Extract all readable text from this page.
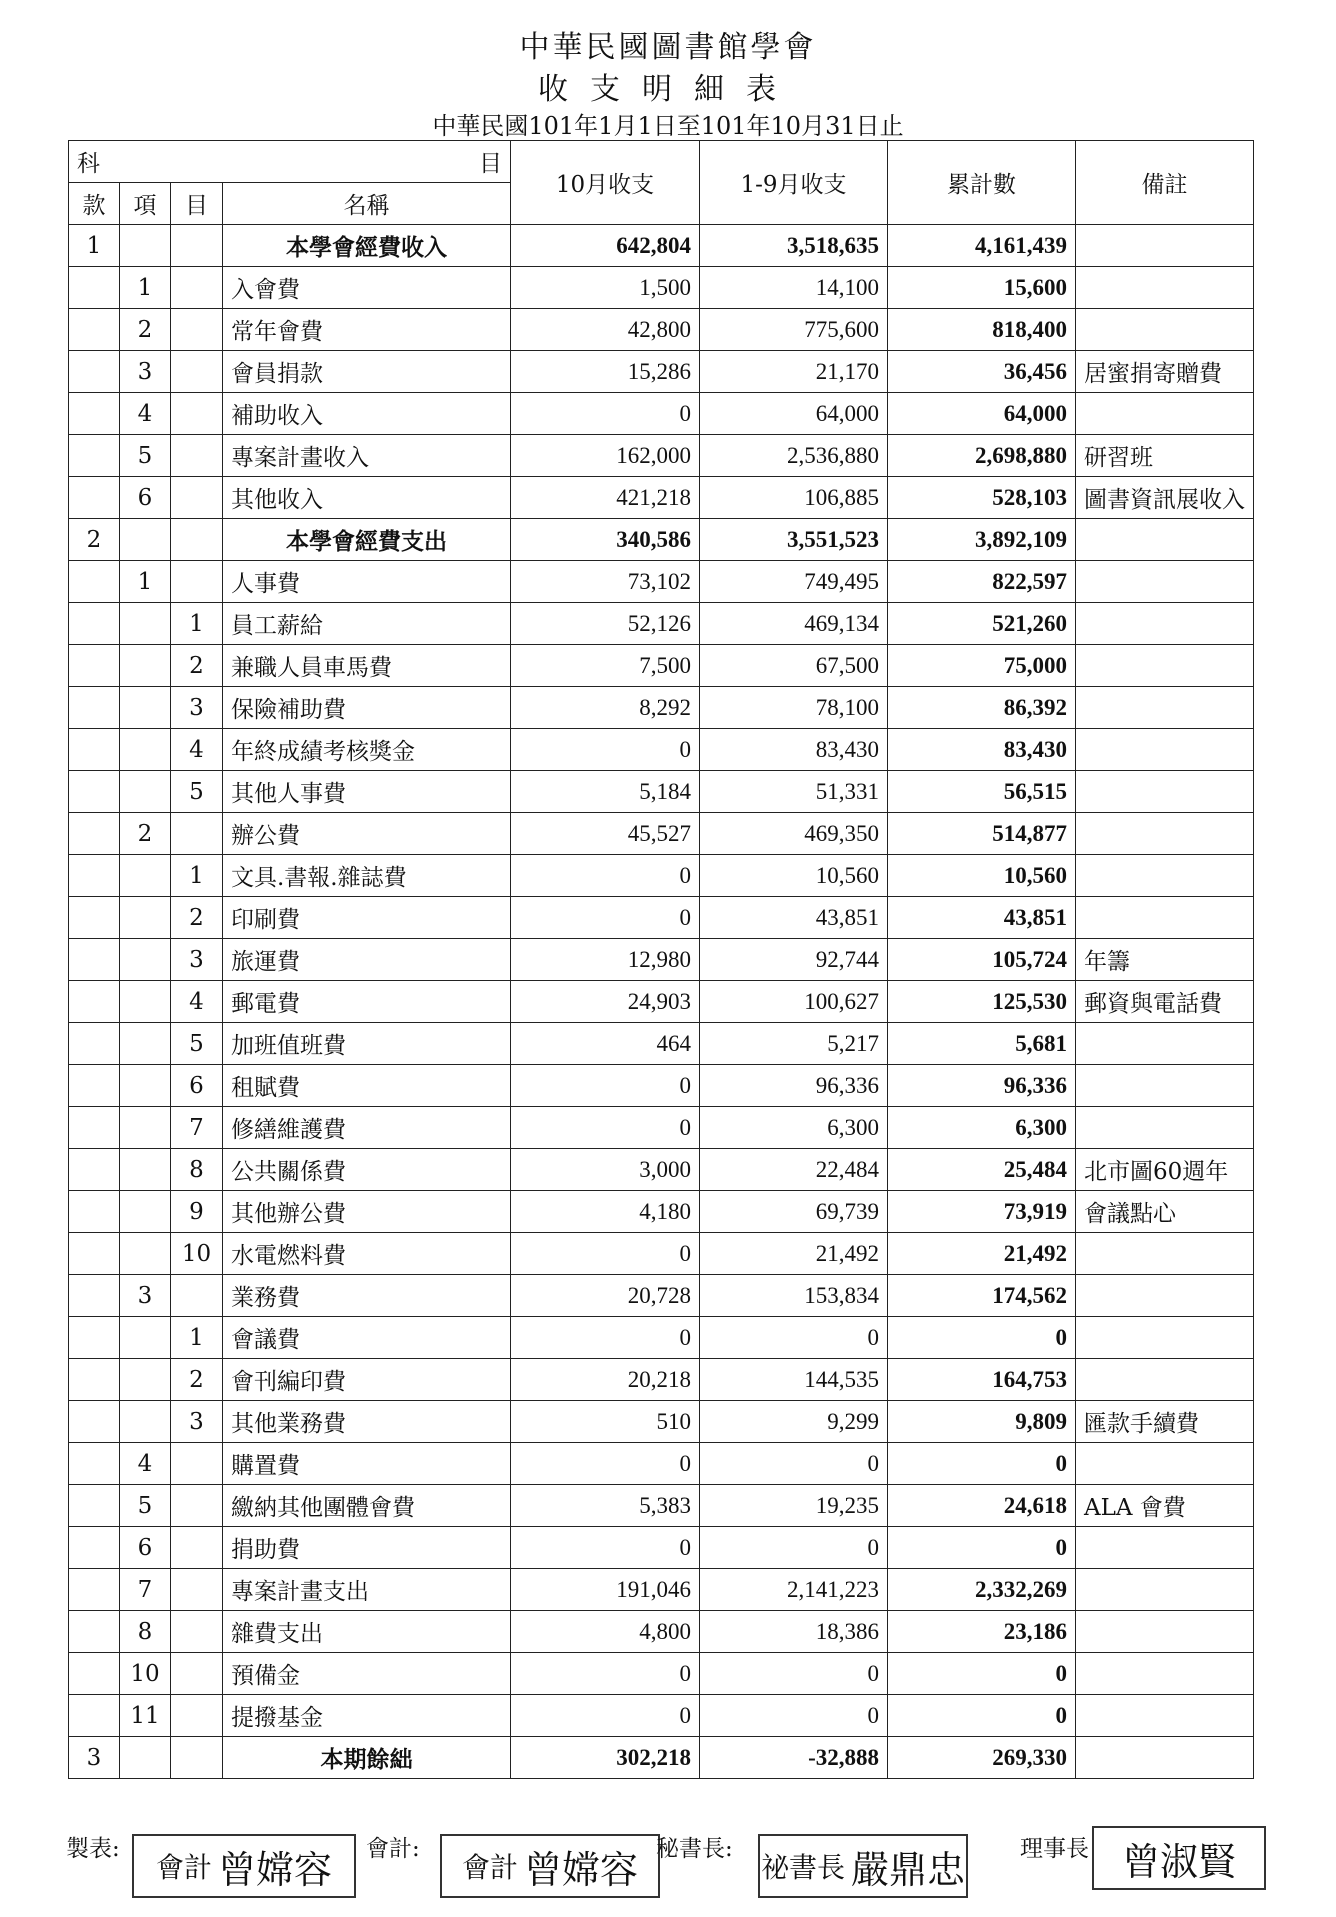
中華民國圖書館學會
收支明細表
中華民國101年1月1日至101年10月31日止
科 目				10月收支	1-9月收支	累計數	備註
款	項	目	名稱				
1			本學會經費收入	642,804	3,518,635	4,161,439	
	1		入會費	1,500	14,100	15,600	
	2		常年會費	42,800	775,600	818,400	
	3		會員捐款	15,286	21,170	36,456	居蜜捐寄贈費
	4		補助收入	0	64,000	64,000	
	5		專案計畫收入	162,000	2,536,880	2,698,880	研習班
	6		其他收入	421,218	106,885	528,103	圖書資訊展收入
2			本學會經費支出	340,586	3,551,523	3,892,109	
	1		人事費	73,102	749,495	822,597	
		1	員工薪給	52,126	469,134	521,260	
		2	兼職人員車馬費	7,500	67,500	75,000	
		3	保險補助費	8,292	78,100	86,392	
		4	年終成績考核獎金	0	83,430	83,430	
		5	其他人事費	5,184	51,331	56,515	
	2		辦公費	45,527	469,350	514,877	
		1	文具.書報.雜誌費	0	10,560	10,560	
		2	印刷費	0	43,851	43,851	
		3	旅運費	12,980	92,744	105,724	年籌
		4	郵電費	24,903	100,627	125,530	郵資與電話費
		5	加班值班費	464	5,217	5,681	
		6	租賦費	0	96,336	96,336	
		7	修繕維護費	0	6,300	6,300	
		8	公共關係費	3,000	22,484	25,484	北市圖60週年
		9	其他辦公費	4,180	69,739	73,919	會議點心
		10	水電燃料費	0	21,492	21,492	
	3		業務費	20,728	153,834	174,562	
		1	會議費	0	0	0	
		2	會刊編印費	20,218	144,535	164,753	
		3	其他業務費	510	9,299	9,809	匯款手續費
	4		購置費	0	0	0	
	5		繳納其他團體會費	5,383	19,235	24,618	ALA 會費
	6		捐助費	0	0	0	
	7		專案計畫支出	191,046	2,141,223	2,332,269	
	8		雜費支出	4,800	18,386	23,186	
	10		預備金	0	0	0	
	11		提撥基金	0	0	0	
3			本期餘絀	302,218	-32,888	269,330	
製表:
會計 曾嫦容 會計:
會計 曾嫦容 秘書長:
祕書長 嚴鼎忠 理事長 曾淑賢
